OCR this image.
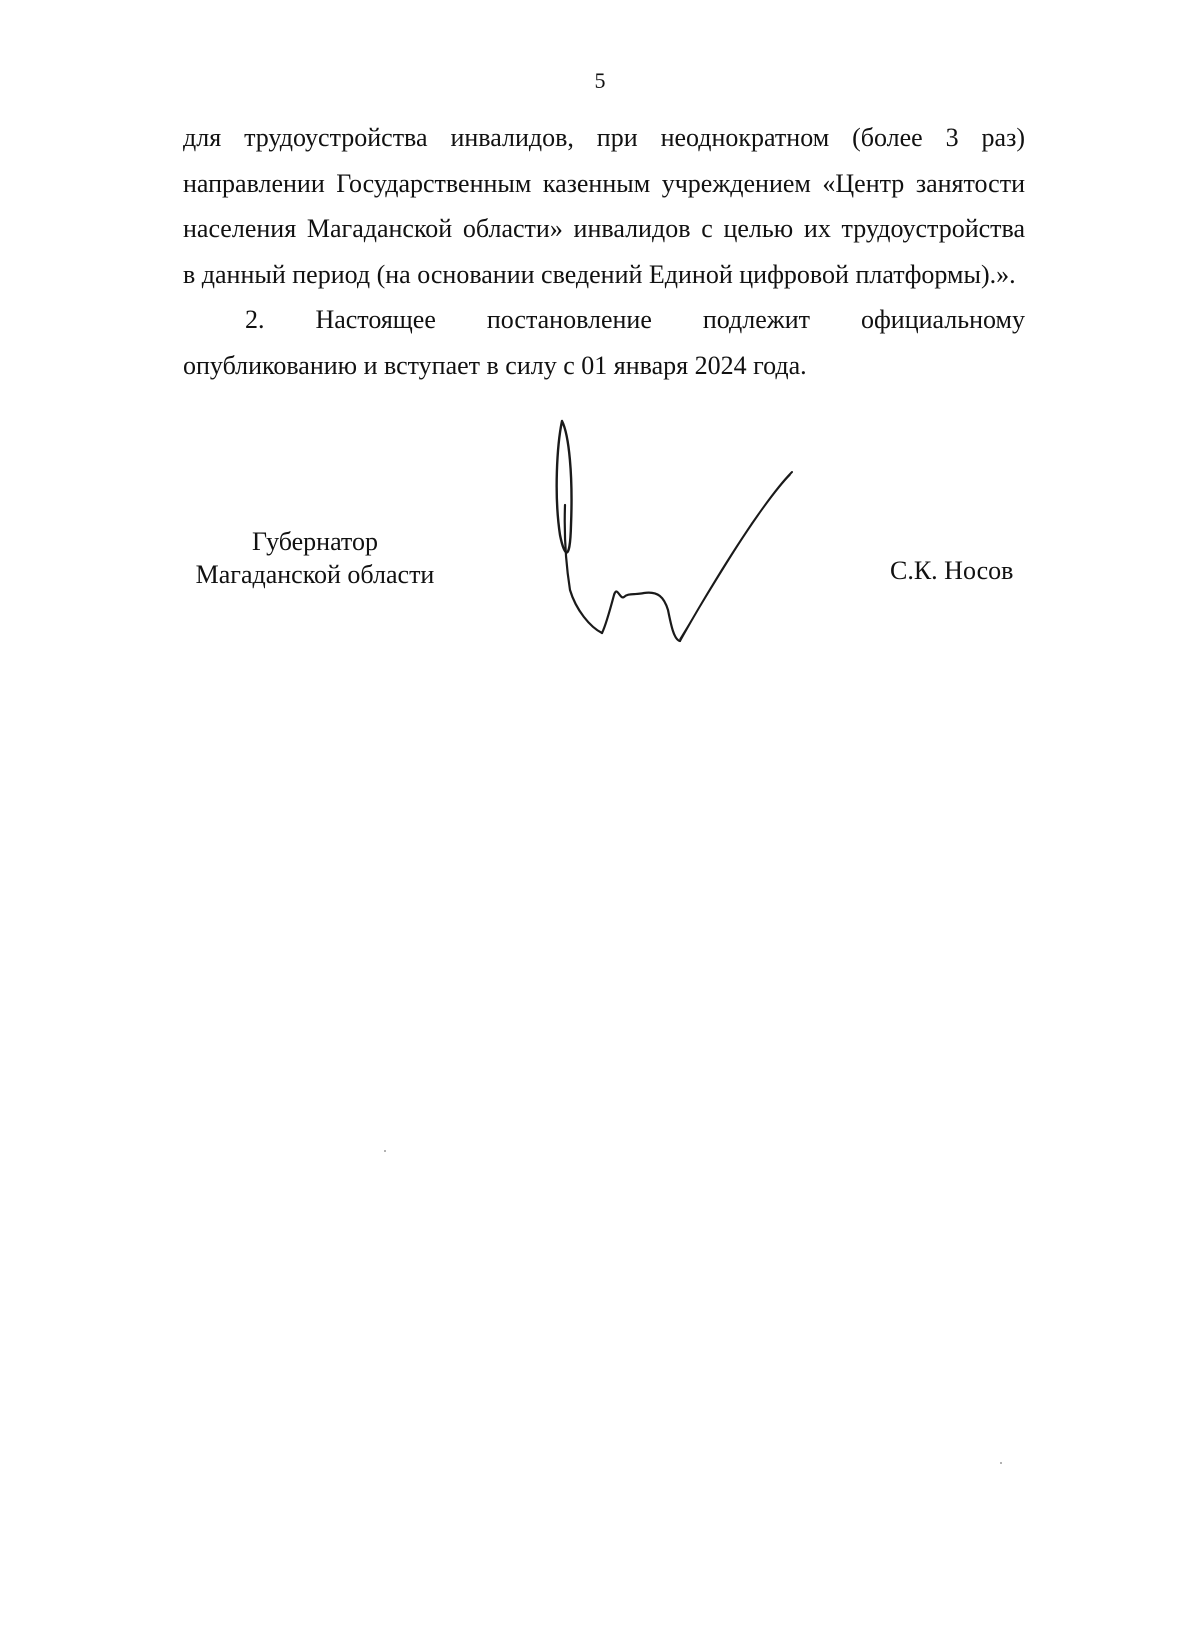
5
для трудоустройства инвалидов, при неоднократном (более 3 раз)
направлении Государственным казенным учреждением «Центр занятости
населения Магаданской области» инвалидов с целью их трудоустройства
в данный период (на основании сведений Единой цифровой платформы).».
2. Настоящее постановление подлежит официальному
опубликованию и вступает в силу с 01 января 2024 года.
Губернатор
Магаданской области	С.К. Носов
